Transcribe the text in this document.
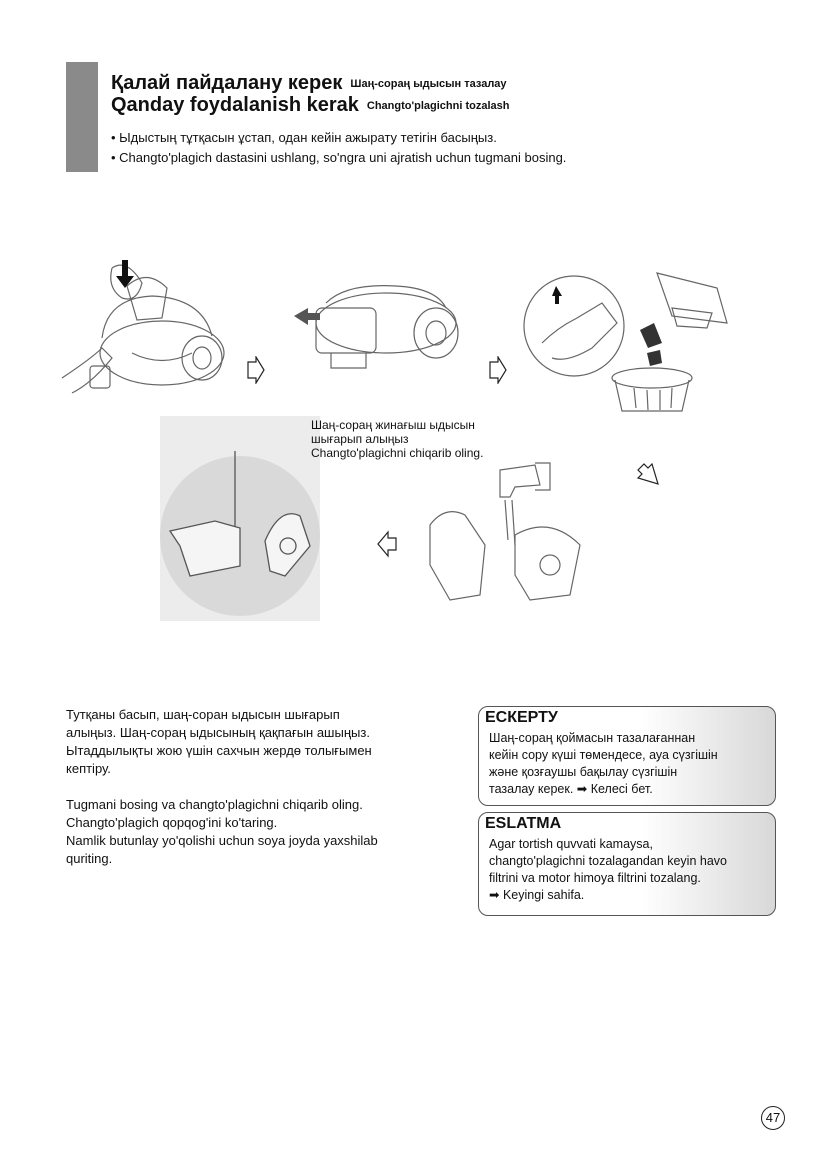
Қалай пайдалану керек Шаң-сораң ыдысын тазалау
Qanday foydalanish kerak Changto'plagichni tozalash
• Ыдыстың тұтқасын ұстап, одан кейін ажырату тетігін басыңыз.
• Changto'plagich dastasini ushlang, so'ngra uni ajratish uchun tugmani bosing.
Шаң-сораң жинағыш ыдысын
шығарып алыңыз
Changto'plagichni chiqarib oling.
Тутқаны басып, шаң-соран ыдысын шығарып
алыңыз. Шаң-сораң ыдысының қақпағын ашыңыз.
Ытаддылықты жою үшін сахчын жердө толығымен
кептіру.
Tugmani bosing va changto'plagichni chiqarib oling.
Changto'plagich qopqog'ini ko'taring.
Namlik butunlay yo'qolishi uchun soya joyda yaxshilab
quriting.
ЕСКЕРТУ
Шаң-сораң қоймасын тазалағаннан
кейін сору күші төмендесе, ауа сүзгішін
және қозғаушы бақылау сүзгішін
тазалау керек. ➡ Келесі бет.
ESLATMA
Agar tortish quvvati kamaysa,
changto'plagichni tozalagandan keyin havo
filtrini va motor himoya filtrini tozalang.
➡ Keyingi sahifa.
47
